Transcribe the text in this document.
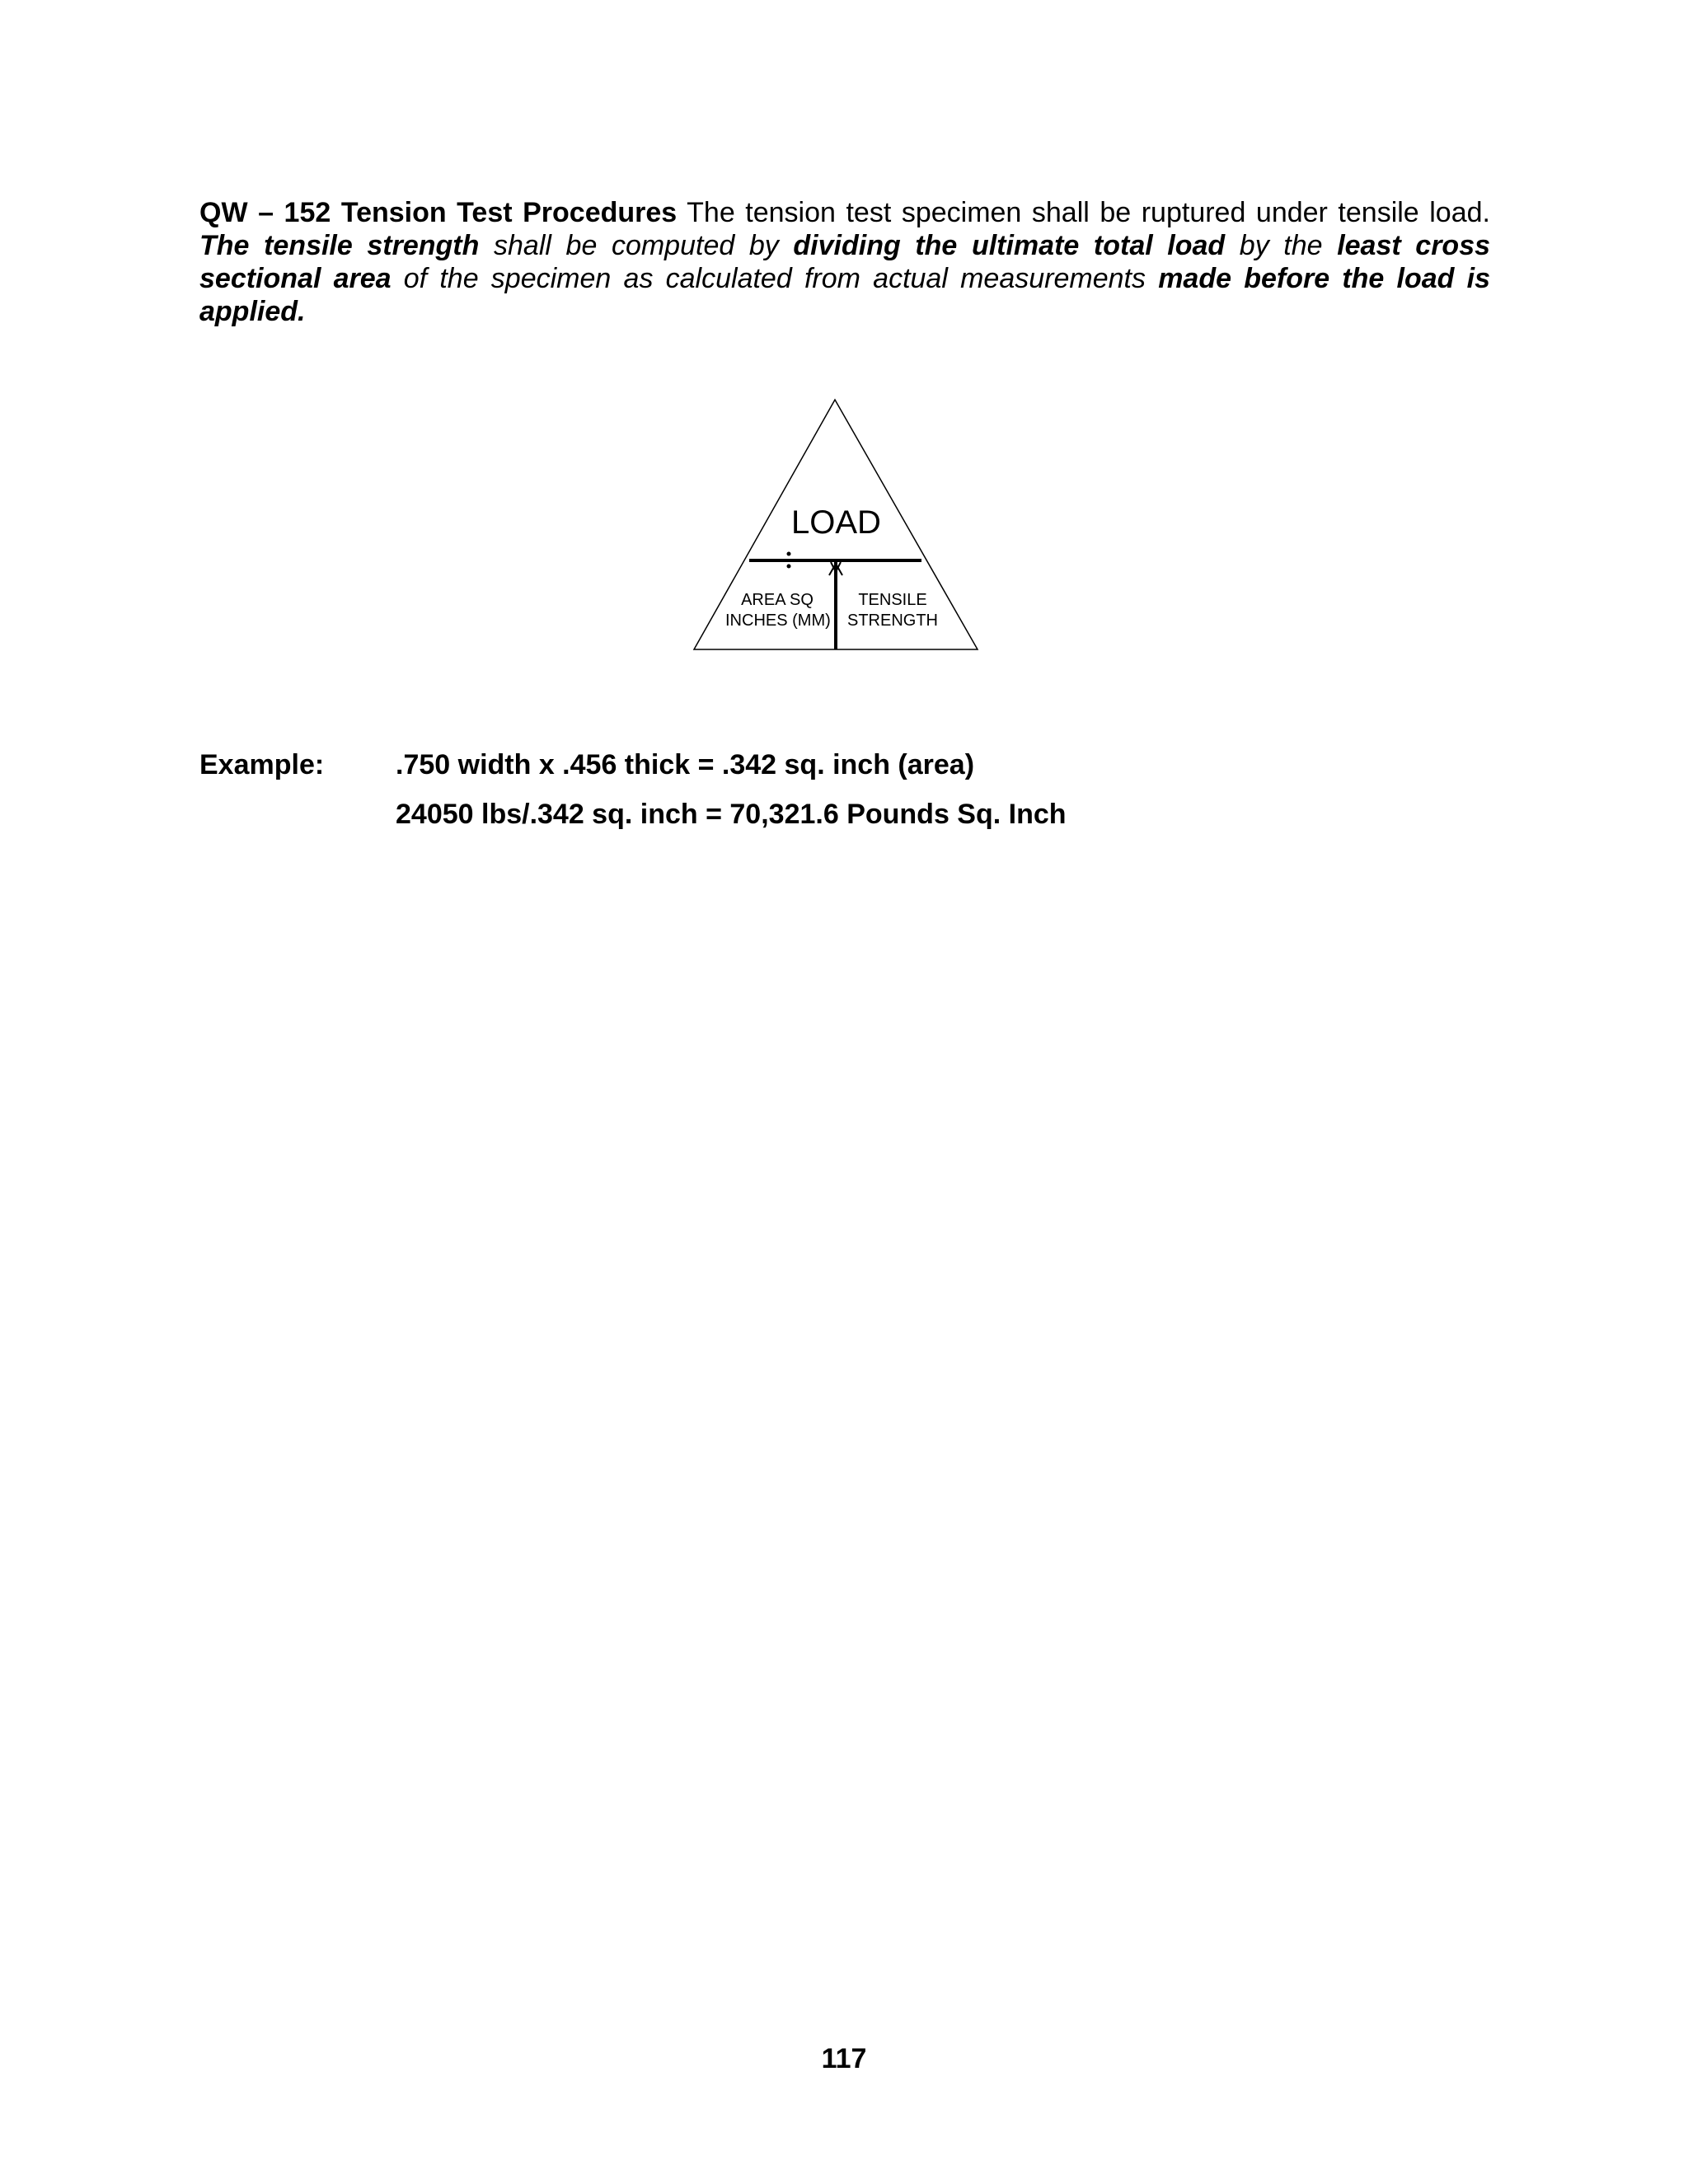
QW – 152 Tension Test Procedures The tension test specimen shall be ruptured under tensile load. The tensile strength shall be computed by dividing the ultimate total load by the least cross sectional area of the specimen as calculated from actual measurements made before the load is applied.

LOAD
AREA SQ
INCHES (MM)
TENSILE
STRENGTH
Example:	.750 width x .456 thick = .342 sq. inch (area)
24050 lbs/.342 sq. inch = 70,321.6 Pounds Sq. Inch
117
